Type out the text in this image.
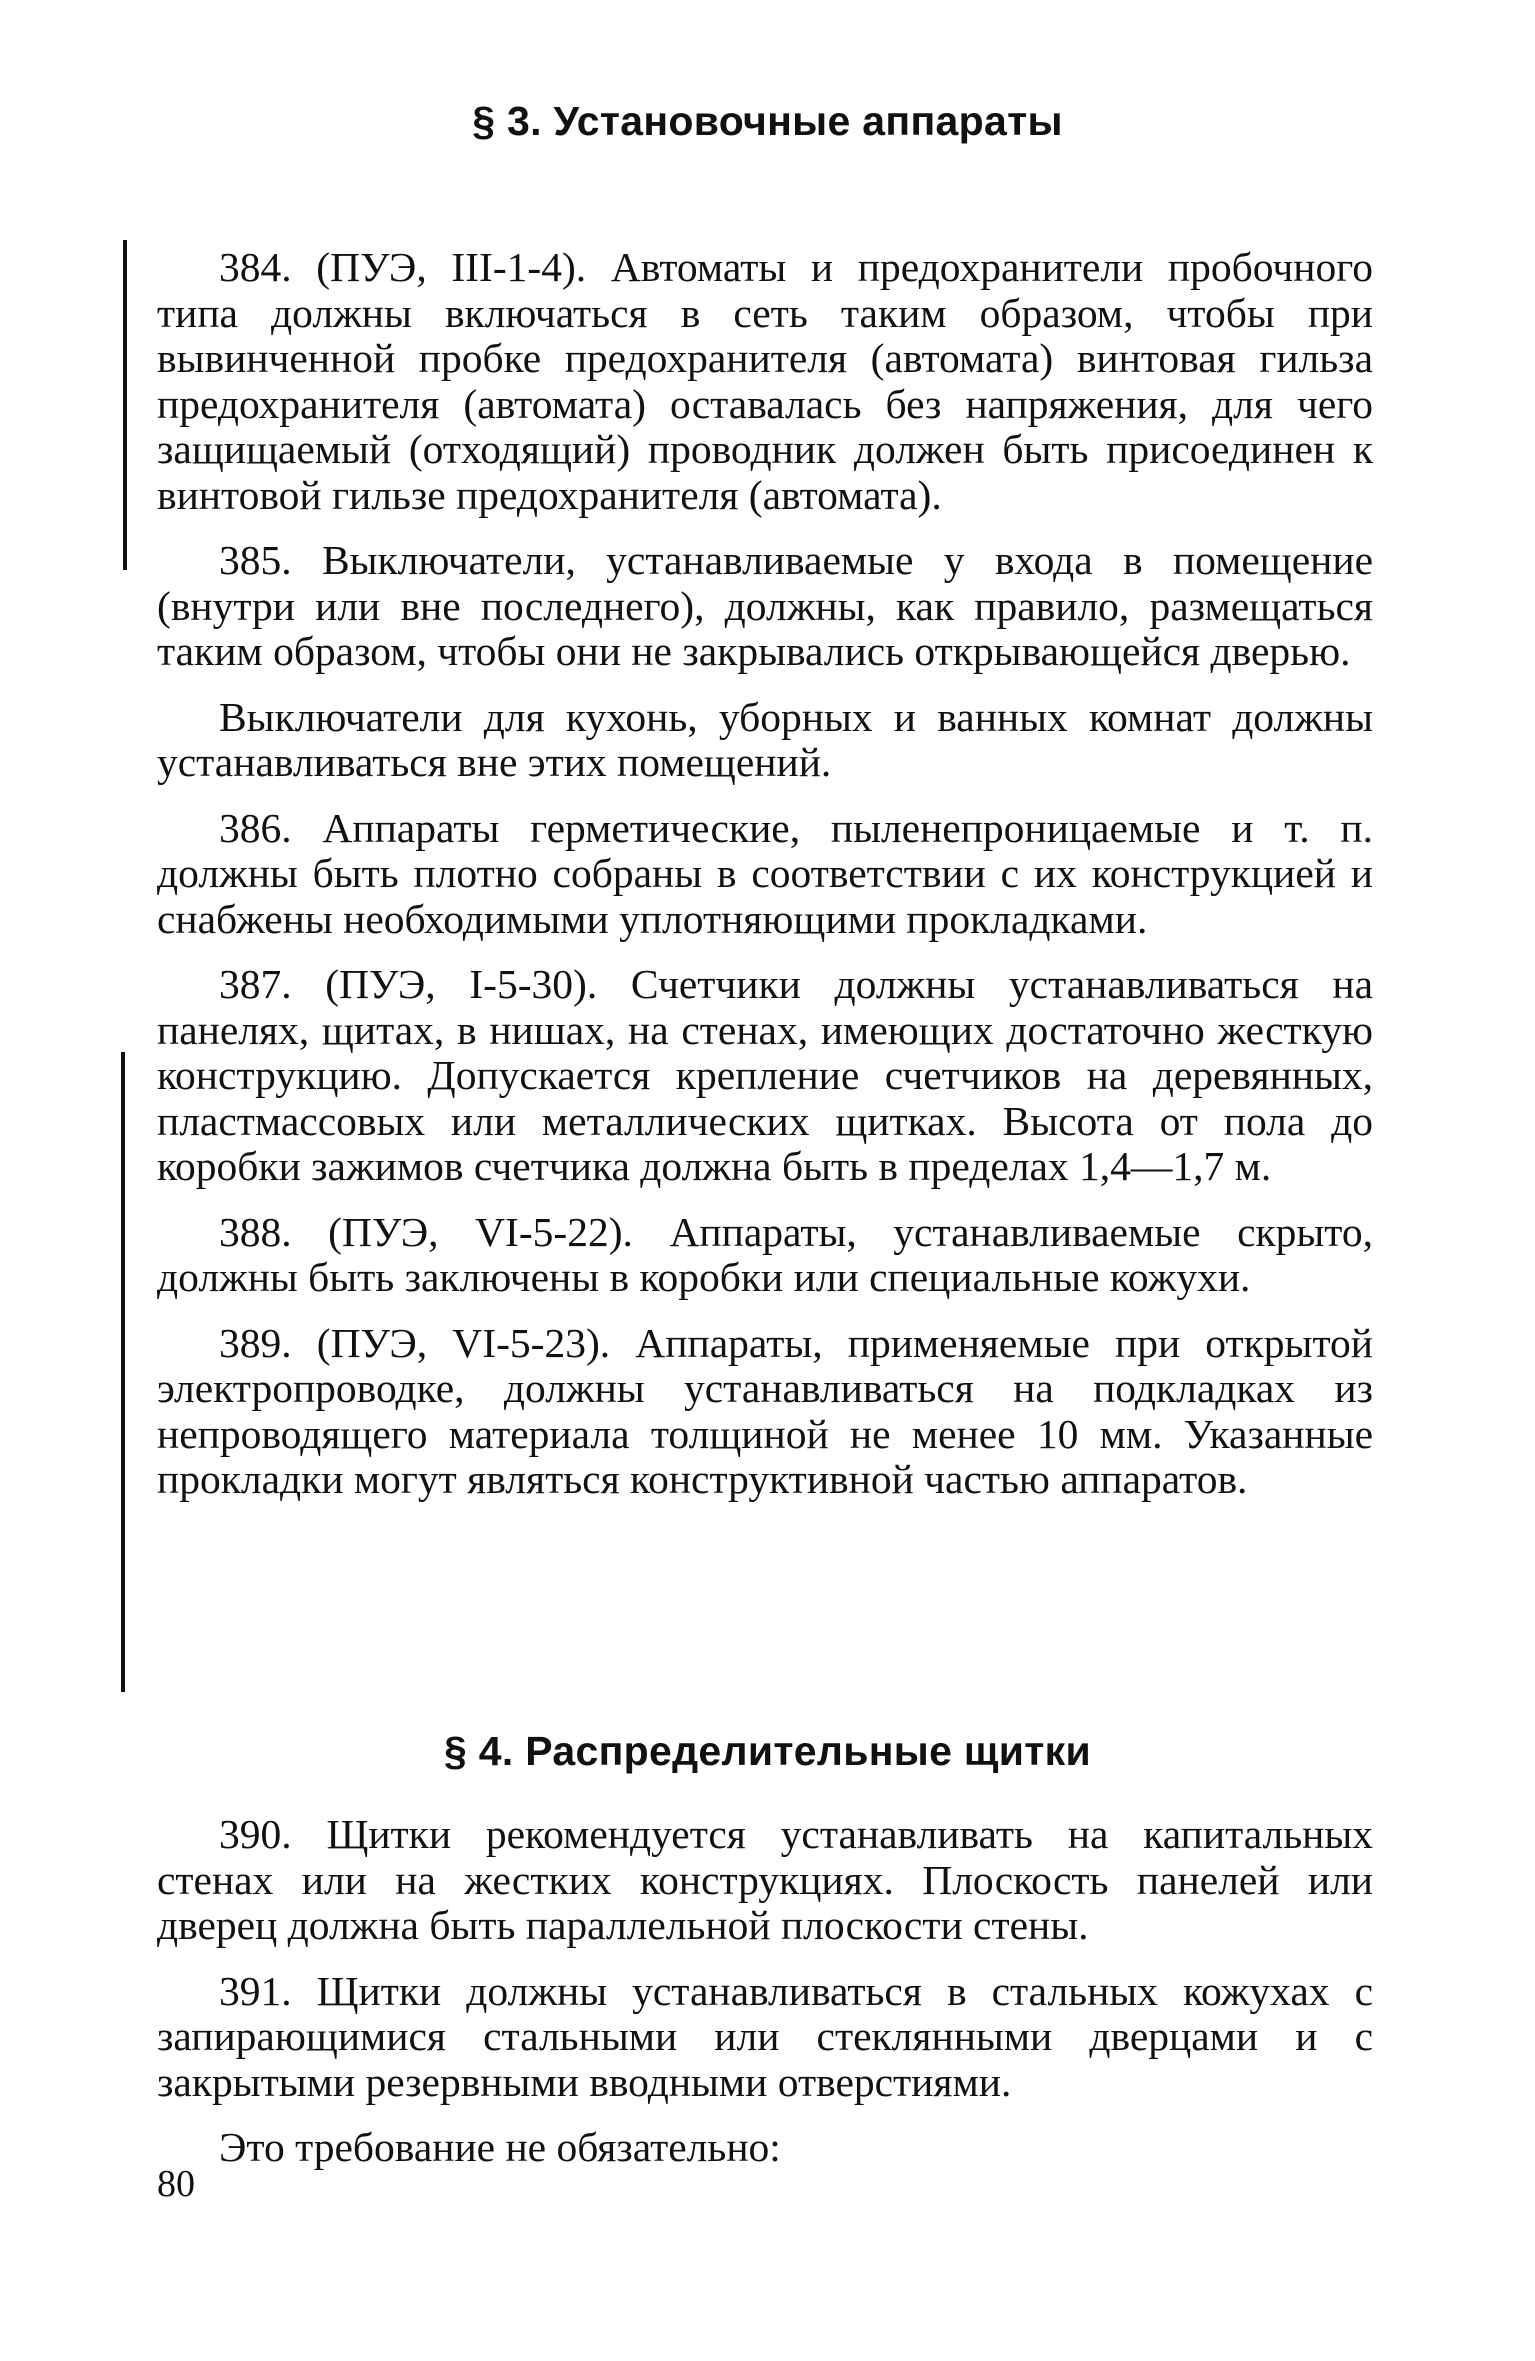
§ 3. Установочные аппараты

384. (ПУЭ, III-1-4). Автоматы и предохранители пробочного типа должны включаться в сеть таким образом, чтобы при вывинченной пробке предохранителя (автомата) винтовая гильза предохранителя (автомата) оставалась без напряжения, для чего защищаемый (отходящий) проводник должен быть присоединен к винтовой гильзе предохранителя (автомата).

385. Выключатели, устанавливаемые у входа в помещение (внутри или вне последнего), должны, как правило, размещаться таким образом, чтобы они не закрывались открывающейся дверью.

Выключатели для кухонь, уборных и ванных комнат должны устанавливаться вне этих помещений.

386. Аппараты герметические, пыленепроницаемые и т. п. должны быть плотно собраны в соответствии с их конструкцией и снабжены необходимыми уплотняющими прокладками.

387. (ПУЭ, I-5-30). Счетчики должны устанавливаться на панелях, щитах, в нишах, на стенах, имеющих достаточно жесткую конструкцию. Допускается крепление счетчиков на деревянных, пластмассовых или металлических щитках. Высота от пола до коробки зажимов счетчика должна быть в пределах 1,4—1,7 м.

388. (ПУЭ, VI-5-22). Аппараты, устанавливаемые скрыто, должны быть заключены в коробки или специальные кожухи.

389. (ПУЭ, VI-5-23). Аппараты, применяемые при открытой электропроводке, должны устанавливаться на подкладках из непроводящего материала толщиной не менее 10 мм. Указанные прокладки могут являться конструктивной частью аппаратов.

§ 4. Распределительные щитки

390. Щитки рекомендуется устанавливать на капитальных стенах или на жестких конструкциях. Плоскость панелей или дверец должна быть параллельной плоскости стены.

391. Щитки должны устанавливаться в стальных кожухах с запирающимися стальными или стеклянными дверцами и с закрытыми резервными вводными отверстиями.

Это требование не обязательно:

80
